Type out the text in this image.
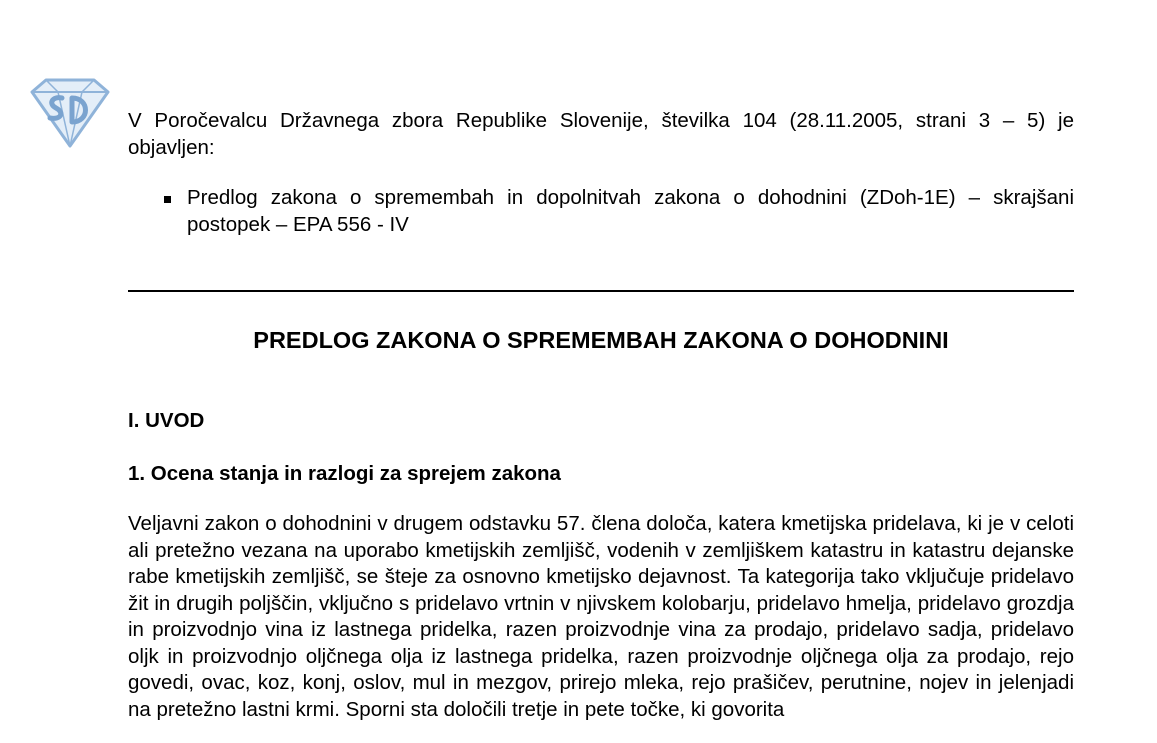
V Poročevalcu Državnega zbora Republike Slovenije, številka 104 (28.11.2005, strani 3 – 5) je objavljen:

Predlog zakona o spremembah in dopolnitvah zakona o dohodnini (ZDoh-1E) – skrajšani postopek – EPA 556 - IV

PREDLOG ZAKONA O SPREMEMBAH ZAKONA O DOHODNINI
I. UVOD
1. Ocena stanja in razlogi za sprejem zakona

Veljavni zakon o dohodnini v drugem odstavku 57. člena določa, katera kmetijska pridelava, ki je v celoti ali pretežno vezana na uporabo kmetijskih zemljišč, vodenih v zemljiškem katastru in katastru dejanske rabe kmetijskih zemljišč, se šteje za osnovno kmetijsko dejavnost. Ta kategorija tako vključuje pridelavo žit in drugih poljščin, vključno s pridelavo vrtnin v njivskem kolobarju, pridelavo hmelja, pridelavo grozdja in proizvodnjo vina iz lastnega pridelka, razen proizvodnje vina za prodajo, pridelavo sadja, pridelavo oljk in proizvodnjo oljčnega olja iz lastnega pridelka, razen proizvodnje oljčnega olja za prodajo, rejo govedi, ovac, koz, konj, oslov, mul in mezgov, prirejo mleka, rejo prašičev, perutnine, nojev in jelenjadi na pretežno lastni krmi. Sporni sta določili tretje in pete točke, ki govorita
